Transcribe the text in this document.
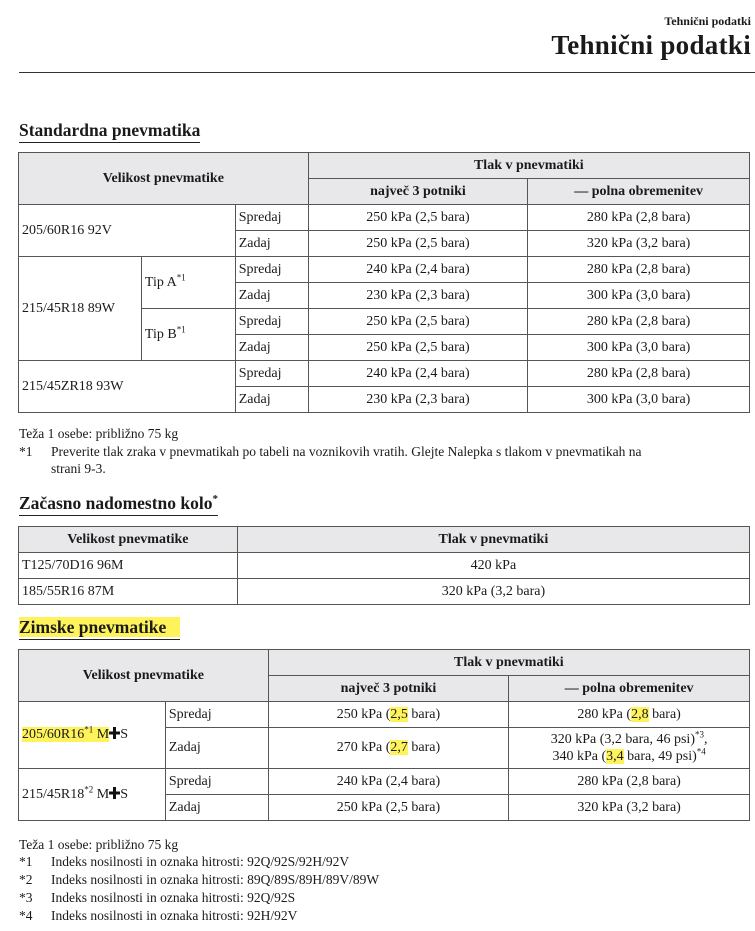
Tehnični podatki
Tehnični podatki
Standardna pnevmatika
Velikost pnevmatike			Tlak v pnevmatiki	
			največ 3 potniki	— polna obremenitev
205/60R16 92V		Spredaj	250 kPa (2,5 bara)	280 kPa (2,8 bara)
		Zadaj	250 kPa (2,5 bara)	320 kPa (3,2 bara)
215/45R18 89W	Tip $A^{*1}$	Spredaj	240 kPa (2,4 bara)	280 kPa (2,8 bara)
		Zadaj	230 kPa (2,3 bara)	300 kPa (3,0 bara)
	Tip $B^{*1}$	Spredaj	250 kPa (2,5 bara)	280 kPa (2,8 bara)
		Zadaj	250 kPa (2,5 bara)	300 kPa (3,0 bara)
215/45ZR18 93W		Spredaj	240 kPa (2,4 bara)	280 kPa (2,8 bara)
		Zadaj	230 kPa (2,3 bara)	300 kPa (3,0 bara)
Teža 1 osebe: približno 75 kg
*1 Preverite tlak zraka v pnevmatikah po tabeli na voznikovih vratih. Glejte Nalepka s tlakom v pnevmatikah na
strani 9-3.
Začasno nadomestno kolo*
Velikost pnevmatike	Tlak v pnevmatiki
T125/70D16 96M	420 kPa
185/55R16 87M	320 kPa (3,2 bara)
Zimske pnevmatike
Velikost pnevmatike		Tlak v pnevmatiki	
		največ 3 potniki	— polna obremenitev
205/60R16$^{*1}$ M S	Spredaj	250 kPa (2,5 bara)	280 kPa (2,8 bara)
	Zadaj	270 kPa (2,7 bara)	320 kPa (3,2 bara, 46 psi)$^{*3}$,
340 kPa (3,4 bara, 49 psi)$^{*4}$
215/45R18$^{*2}$ M S	Spredaj	240 kPa (2,4 bara)	280 kPa (2,8 bara)
	Zadaj	250 kPa (2,5 bara)	320 kPa (3,2 bara)
Teža 1 osebe: približno 75 kg
*1 Indeks nosilnosti in oznaka hitrosti: 92Q/92S/92H/92V
*2 Indeks nosilnosti in oznaka hitrosti: 89Q/89S/89H/89V/89W
*3 Indeks nosilnosti in oznaka hitrosti: 92Q/92S
*4 Indeks nosilnosti in oznaka hitrosti: 92H/92V
